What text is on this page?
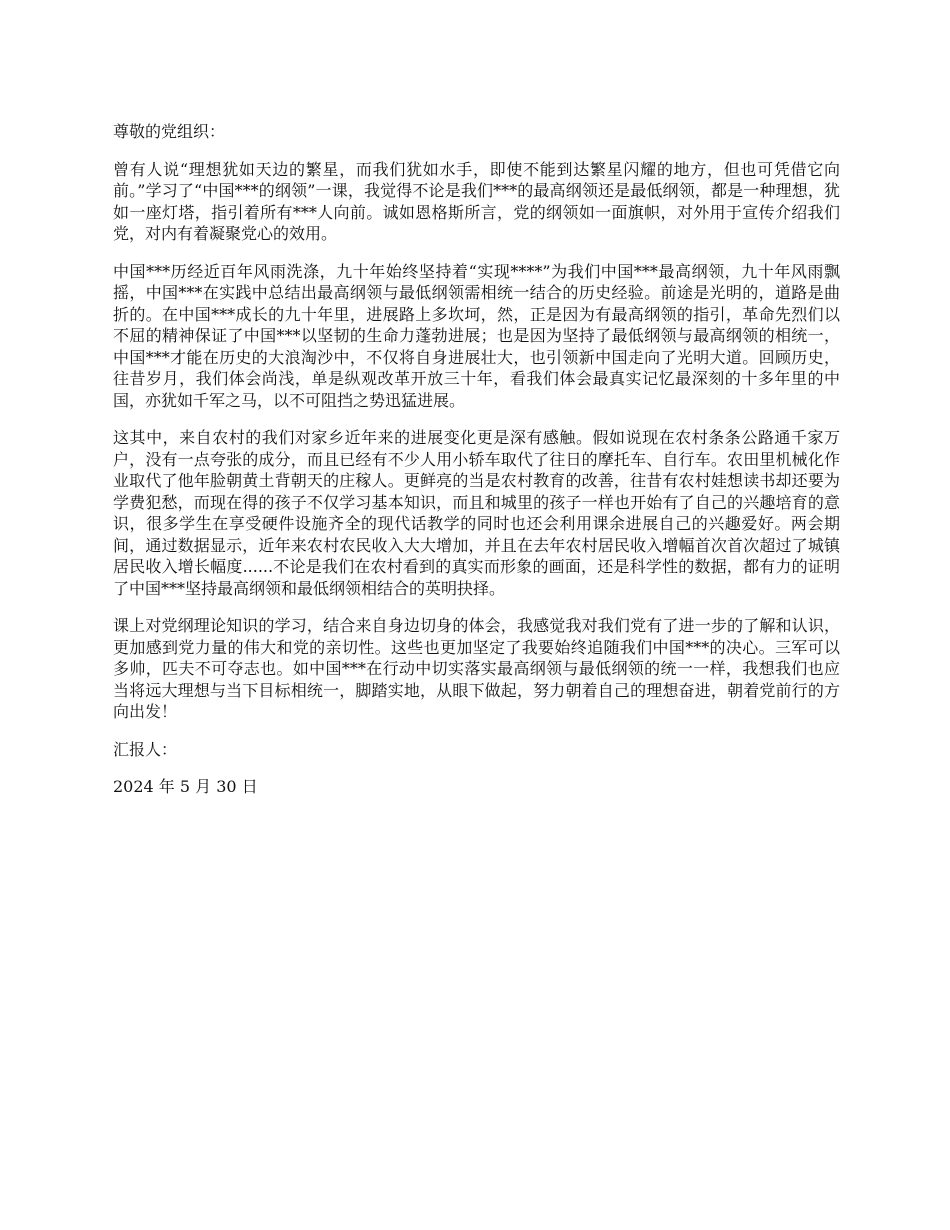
尊敬的党组织：

曾有人说“理想犹如天边的繁星，而我们犹如水手，即使不能到达繁星闪耀的地方，但也可凭借它向前。”学习了“中国***的纲领”一课，我觉得不论是我们***的最高纲领还是最低纲领，都是一种理想，犹如一座灯塔，指引着所有***人向前。诚如恩格斯所言，党的纲领如一面旗帜，对外用于宣传介绍我们党，对内有着凝聚党心的效用。

中国***历经近百年风雨洗涤，九十年始终坚持着“实现****”为我们中国***最高纲领，九十年风雨飘摇，中国***在实践中总结出最高纲领与最低纲领需相统一结合的历史经验。前途是光明的，道路是曲折的。在中国***成长的九十年里，进展路上多坎坷，然，正是因为有最高纲领的指引，革命先烈们以不屈的精神保证了中国***以坚韧的生命力蓬勃进展；也是因为坚持了最低纲领与最高纲领的相统一，中国***才能在历史的大浪淘沙中，不仅将自身进展壮大，也引领新中国走向了光明大道。回顾历史，往昔岁月，我们体会尚浅，单是纵观改革开放三十年，看我们体会最真实记忆最深刻的十多年里的中国，亦犹如千军之马，以不可阻挡之势迅猛进展。

这其中，来自农村的我们对家乡近年来的进展变化更是深有感触。假如说现在农村条条公路通千家万户，没有一点夸张的成分，而且已经有不少人用小轿车取代了往日的摩托车、自行车。农田里机械化作业取代了他年脸朝黄土背朝天的庄稼人。更鲜亮的当是农村教育的改善，往昔有农村娃想读书却还要为学费犯愁，而现在得的孩子不仅学习基本知识，而且和城里的孩子一样也开始有了自己的兴趣培育的意识，很多学生在享受硬件设施齐全的现代话教学的同时也还会利用课余进展自己的兴趣爱好。两会期间，通过数据显示，近年来农村农民收入大大增加，并且在去年农村居民收入增幅首次首次超过了城镇居民收入增长幅度......不论是我们在农村看到的真实而形象的画面，还是科学性的数据，都有力的证明了中国***坚持最高纲领和最低纲领相结合的英明抉择。

课上对党纲理论知识的学习，结合来自身边切身的体会，我感觉我对我们党有了进一步的了解和认识，更加感到党力量的伟大和党的亲切性。这些也更加坚定了我要始终追随我们中国***的决心。三军可以多帅，匹夫不可夺志也。如中国***在行动中切实落实最高纲领与最低纲领的统一一样，我想我们也应当将远大理想与当下目标相统一，脚踏实地，从眼下做起，努力朝着自己的理想奋进，朝着党前行的方向出发！

汇报人：

2024 年 5 月 30 日
